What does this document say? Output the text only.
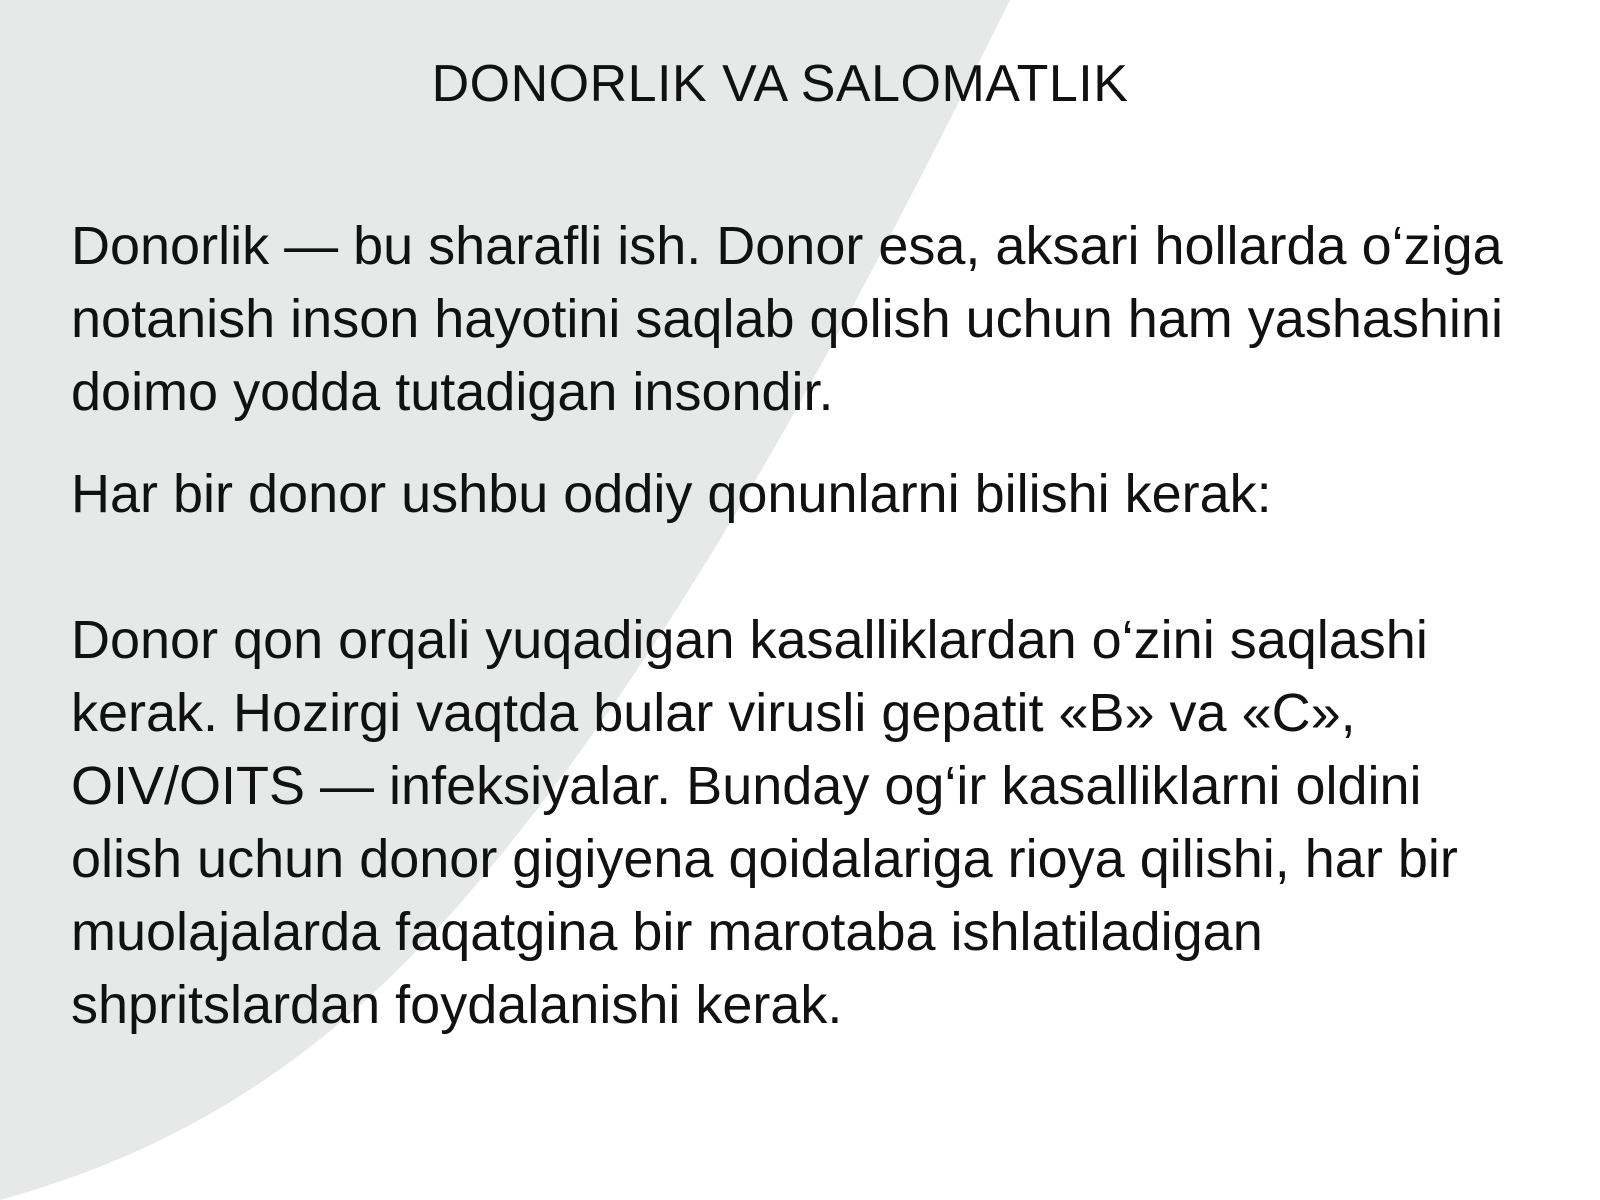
DONORLIK VA SALOMATLIK

Donorlik — bu sharafli ish. Donor esa, aksari hollarda o‘ziga notanish inson hayotini saqlab qolish uchun ham yashashini doimo yodda tutadigan insondir.

Har bir donor ushbu oddiy qonunlarni bilishi kerak:

Donor qon orqali yuqadigan kasalliklardan o‘zini saqlashi kerak. Hozirgi vaqtda bular virusli gepatit «B» va «C», OIV/OITS — infeksiyalar. Bunday og‘ir kasalliklarni oldini olish uchun donor gigiyena qoidalariga rioya qilishi, har bir muolajalarda faqatgina bir marotaba ishlatiladigan shpritslardan foydalanishi kerak.
